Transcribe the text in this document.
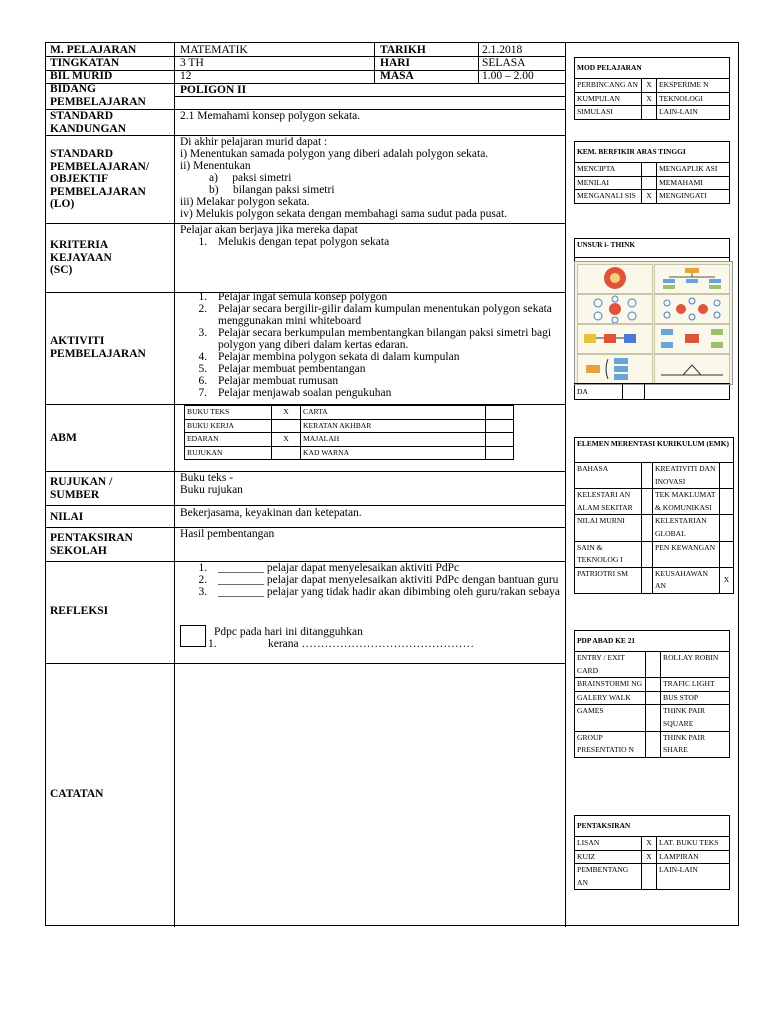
M. PELAJARAN	MATEMATIK	TARIKH	2.1.2018
TINGKATAN	3 TH	HARI	SELASA
BIL MURID	12	MASA	1.00 – 2.00
BIDANG
PEMBELAJARAN
POLIGON II
STANDARD
KANDUNGAN
2.1 Memahami konsep polygon sekata.
STANDARD
PEMBELAJARAN/
OBJEKTIF
PEMBELAJARAN
(LO)
Di akhir pelajaran murid dapat :
i) Menentukan samada polygon yang diberi adalah polygon sekata.
ii) Menentukan
a)     paksi simetri
b)     bilangan paksi simetri
iii) Melakar polygon sekata.
iv) Melukis polygon sekata dengan membahagi sama sudut pada pusat.
KRITERIA
KEJAYAAN
(SC)
Pelajar akan berjaya jika mereka dapat
1. Melukis dengan tepat polygon sekata
AKTIVITI
PEMBELAJARAN
1. Pelajar ingat semula konsep polygon
2. Pelajar secara bergilir-gilir dalam kumpulan menentukan polygon sekata menggunakan mini whiteboard
3. Pelajar secara berkumpulan membentangkan bilangan paksi simetri bagi polygon yang diberi dalam kertas edaran.
4. Pelajar membina polygon sekata di dalam kumpulan
5. Pelajar membuat pembentangan
6. Pelajar membuat rumusan
7. Pelajar menjawab soalan pengukuhan
ABM
BUKU TEKS	X	CARTA	
BUKU KERJA		KERATAN AKHBAR	
EDARAN	X	MAJALAH	
RUJUKAN		KAD WARNA	
RUJUKAN /
SUMBER
Buku teks -
Buku rujukan
NILAI	Bekerjasama, keyakinan dan ketepatan.
PENTAKSIRAN
SEKOLAH
Hasil pembentangan
REFLEKSI
1. ________ pelajar dapat menyelesaikan aktiviti PdPc
2. ________ pelajar dapat menyelesaikan aktiviti PdPc dengan bantuan guru
3. ________ pelajar yang tidak hadir akan dibimbing oleh guru/rakan sebaya
Pdpc pada hari ini ditangguhkan
1.	kerana ………………………………………
CATATAN
MOD PELAJARAN		
PERBINCANG AN	X	EKSPERIME N
KUMPULAN	X	TEKNOLOGI
SIMULASI		LAIN-LAIN
KEM. BERFIKIR ARAS TINGGI		
MENCIPTA		MENGAPLIK ASI
MENILAI		MEMAHAMI
MENGANALI SIS	X	MENGINGATI
UNSUR i- THINK
DA
ELEMEN MERENTASI KURIKULUM (EMK)			
BAHASA		KREATIVITI DAN INOVASI	
KELESTARI AN ALAM SEKITAR		TEK MAKLUMAT & KOMUNIKASI	
NILAI MURNI		KELESTARIAN GLOBAL	
SAIN & TEKNOLOG I		PEN KEWANGAN	
PATRIOTRI SM		KEUSAHAWAN AN	X
PDP ABAD KE 21		
ENTRY / EXIT CARD		ROLLAY ROBIN
BRAINSTORMI NG		TRAFIC LIGHT
GALERY WALK		BUS STOP
GAMES		THINK PAIR SQUARE
GROUP PRESENTATIO N		THINK PAIR SHARE
PENTAKSIRAN		
LISAN	X	LAT. BUKU TEKS
KUIZ	X	LAMPIRAN
PEMBENTANG AN		LAIN-LAIN
